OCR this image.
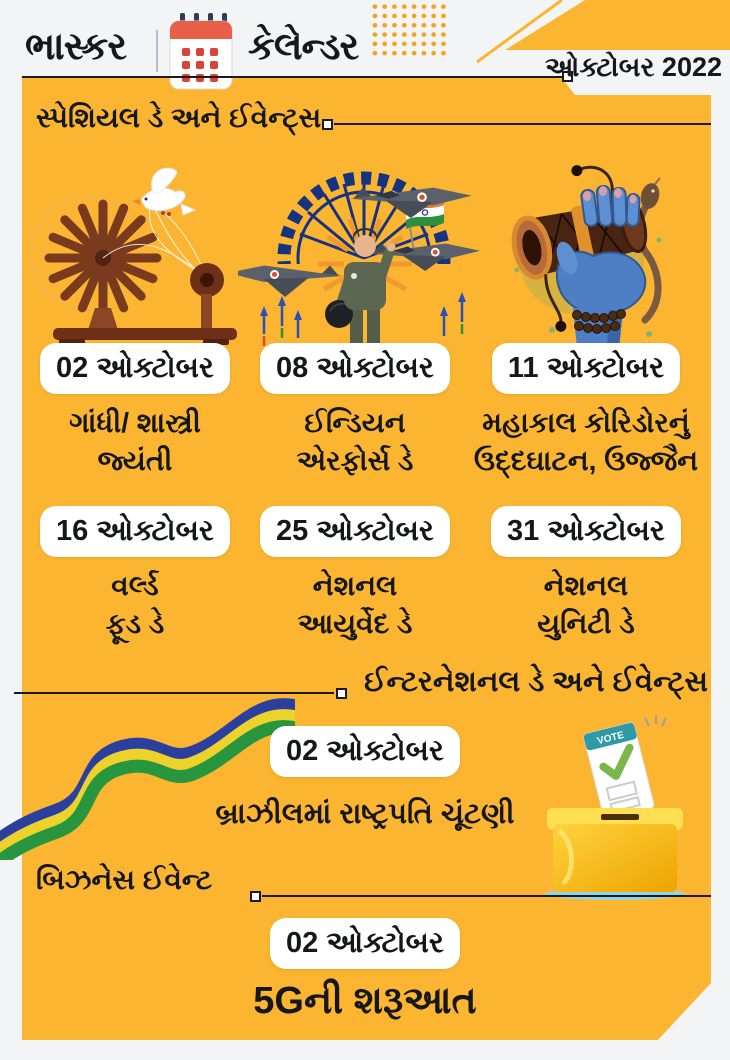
ભાસ્કર	કેલેન્ડર	ઓક્ટોબર 2022
સ્પેશિયલ ડે અને ઈવેન્ટ્સ
02 ઓક્ટોબર
ગાંધી/ શાસ્ત્રી
જ્યંતી
08 ઓક્ટોબર
ઈન્ડિયન
એરફોર્સ ડે
11 ઓક્ટોબર
મહાકાલ કોરિડોરનું
ઉદ્દઘાટન, ઉજ્જૈન
16 ઓક્ટોબર
વર્લ્ડ
ફૂડ ડે
25 ઓક્ટોબર
નેશનલ
આયુર્વેદ ડે
31 ઓક્ટોબર
નેશનલ
યુનિટી ડે
ઈન્ટરનેશનલ ડે અને ઈવેન્ટ્સ
VOTE
02 ઓક્ટોબર
બ્રાઝીલમાં રાષ્ટ્રપતિ ચૂંટણી
બિઝનેસ ઈવેન્ટ
02 ઓક્ટોબર
5Gની શરૂઆત
